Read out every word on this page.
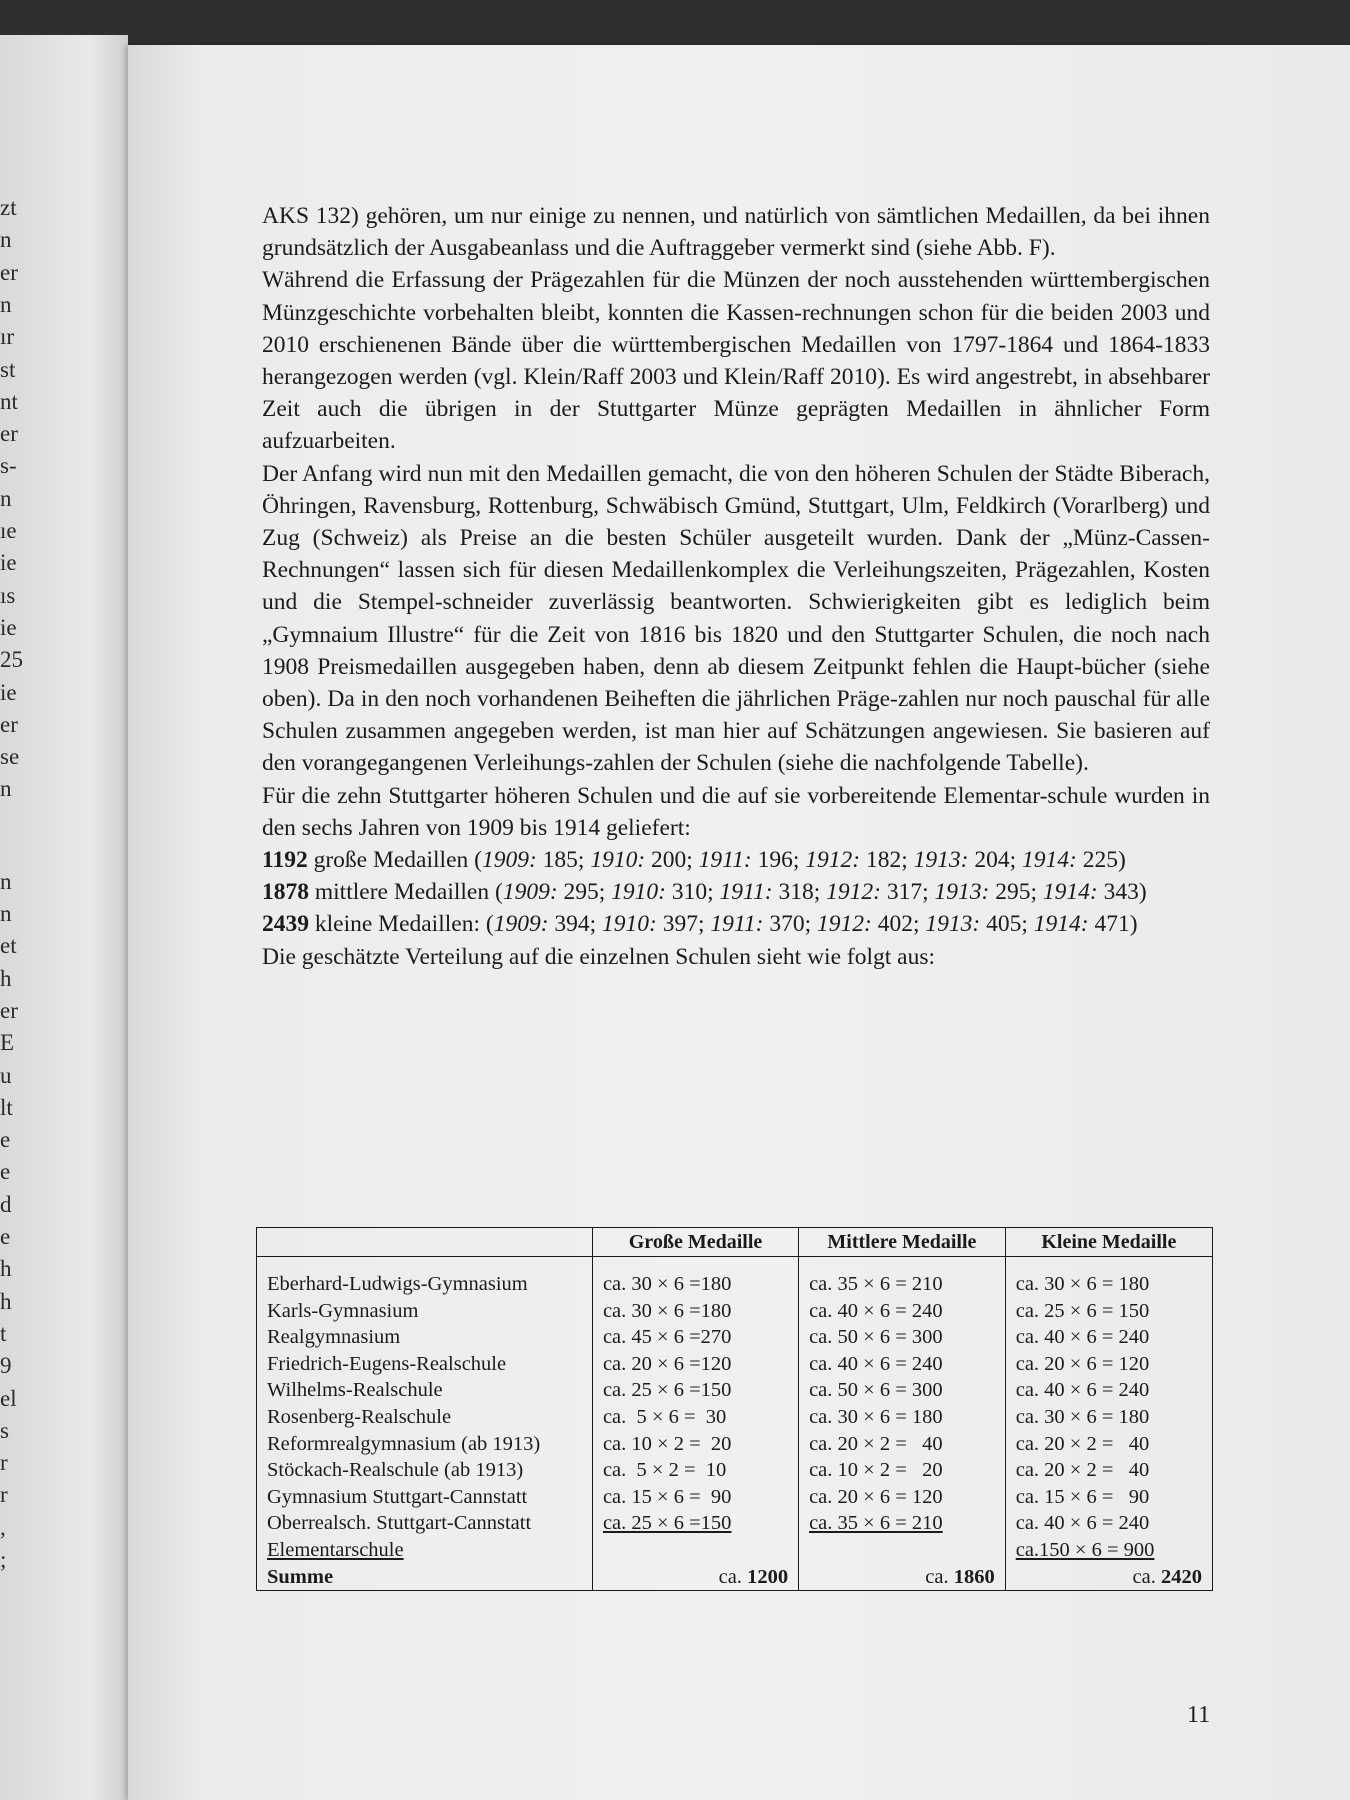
zt
n
er
n
ır
st
nt
er
s-
n
ıe
ie
ıs
ie
25
ie
er
se
n
n
n
et
h
er
E
u
lt
e
e
d
e
h
h
t
9
el
s
r
r
,
;

AKS 132) gehören, um nur einige zu nennen, und natürlich von sämtlichen Medaillen, da bei ihnen grundsätzlich der Ausgabeanlass und die Auftraggeber vermerkt sind (siehe Abb. F).

Während die Erfassung der Prägezahlen für die Münzen der noch ausstehenden württembergischen Münzgeschichte vorbehalten bleibt, konnten die Kassen-rechnungen schon für die beiden 2003 und 2010 erschienenen Bände über die württembergischen Medaillen von 1797-1864 und 1864-1833 herangezogen werden (vgl. Klein/Raff 2003 und Klein/Raff 2010). Es wird angestrebt, in absehbarer Zeit auch die übrigen in der Stuttgarter Münze geprägten Medaillen in ähnlicher Form aufzuarbeiten.

Der Anfang wird nun mit den Medaillen gemacht, die von den höheren Schulen der Städte Biberach, Öhringen, Ravensburg, Rottenburg, Schwäbisch Gmünd, Stuttgart, Ulm, Feldkirch (Vorarlberg) und Zug (Schweiz) als Preise an die besten Schüler ausgeteilt wurden. Dank der „Münz-Cassen-Rechnungen“ lassen sich für diesen Medaillenkomplex die Verleihungszeiten, Prägezahlen, Kosten und die Stempel-schneider zuverlässig beantworten. Schwierigkeiten gibt es lediglich beim „Gymnaium Illustre“ für die Zeit von 1816 bis 1820 und den Stuttgarter Schulen, die noch nach 1908 Preismedaillen ausgegeben haben, denn ab diesem Zeitpunkt fehlen die Haupt-bücher (siehe oben). Da in den noch vorhandenen Beiheften die jährlichen Präge-zahlen nur noch pauschal für alle Schulen zusammen angegeben werden, ist man hier auf Schätzungen angewiesen. Sie basieren auf den vorangegangenen Verleihungs-zahlen der Schulen (siehe die nachfolgende Tabelle).

Für die zehn Stuttgarter höheren Schulen und die auf sie vorbereitende Elementar-schule wurden in den sechs Jahren von 1909 bis 1914 geliefert:

1192 große Medaillen (1909: 185; 1910: 200; 1911: 196; 1912: 182; 1913: 204; 1914: 225)

1878 mittlere Medaillen (1909: 295; 1910: 310; 1911: 318; 1912: 317; 1913: 295; 1914: 343)

2439 kleine Medaillen: (1909: 394; 1910: 397; 1911: 370; 1912: 402; 1913: 405; 1914: 471)

Die geschätzte Verteilung auf die einzelnen Schulen sieht wie folgt aus:

	Große Medaille	Mittlere Medaille	Kleine Medaille

Eberhard-Ludwigs-Gymnasium	ca. 30 × 6 =180	ca. 35 × 6 = 210	ca. 30 × 6 = 180
Karls-Gymnasium	ca. 30 × 6 =180	ca. 40 × 6 = 240	ca. 25 × 6 = 150
Realgymnasium	ca. 45 × 6 =270	ca. 50 × 6 = 300	ca. 40 × 6 = 240
Friedrich-Eugens-Realschule	ca. 20 × 6 =120	ca. 40 × 6 = 240	ca. 20 × 6 = 120
Wilhelms-Realschule	ca. 25 × 6 =150	ca. 50 × 6 = 300	ca. 40 × 6 = 240
Rosenberg-Realschule	ca.  5 × 6 =  30	ca. 30 × 6 = 180	ca. 30 × 6 = 180
Reformrealgymnasium (ab 1913)	ca. 10 × 2 =  20	ca. 20 × 2 =   40	ca. 20 × 2 =   40
Stöckach-Realschule (ab 1913)	ca.  5 × 2 =  10	ca. 10 × 2 =   20	ca. 20 × 2 =   40
Gymnasium Stuttgart-Cannstatt	ca. 15 × 6 =  90	ca. 20 × 6 = 120	ca. 15 × 6 =   90
Oberrealsch. Stuttgart-Cannstatt	ca. 25 × 6 =150	ca. 35 × 6 = 210	ca. 40 × 6 = 240
Elementarschule			ca.150 × 6 = 900
Summe	ca. 1200	ca. 1860	ca. 2420
11
